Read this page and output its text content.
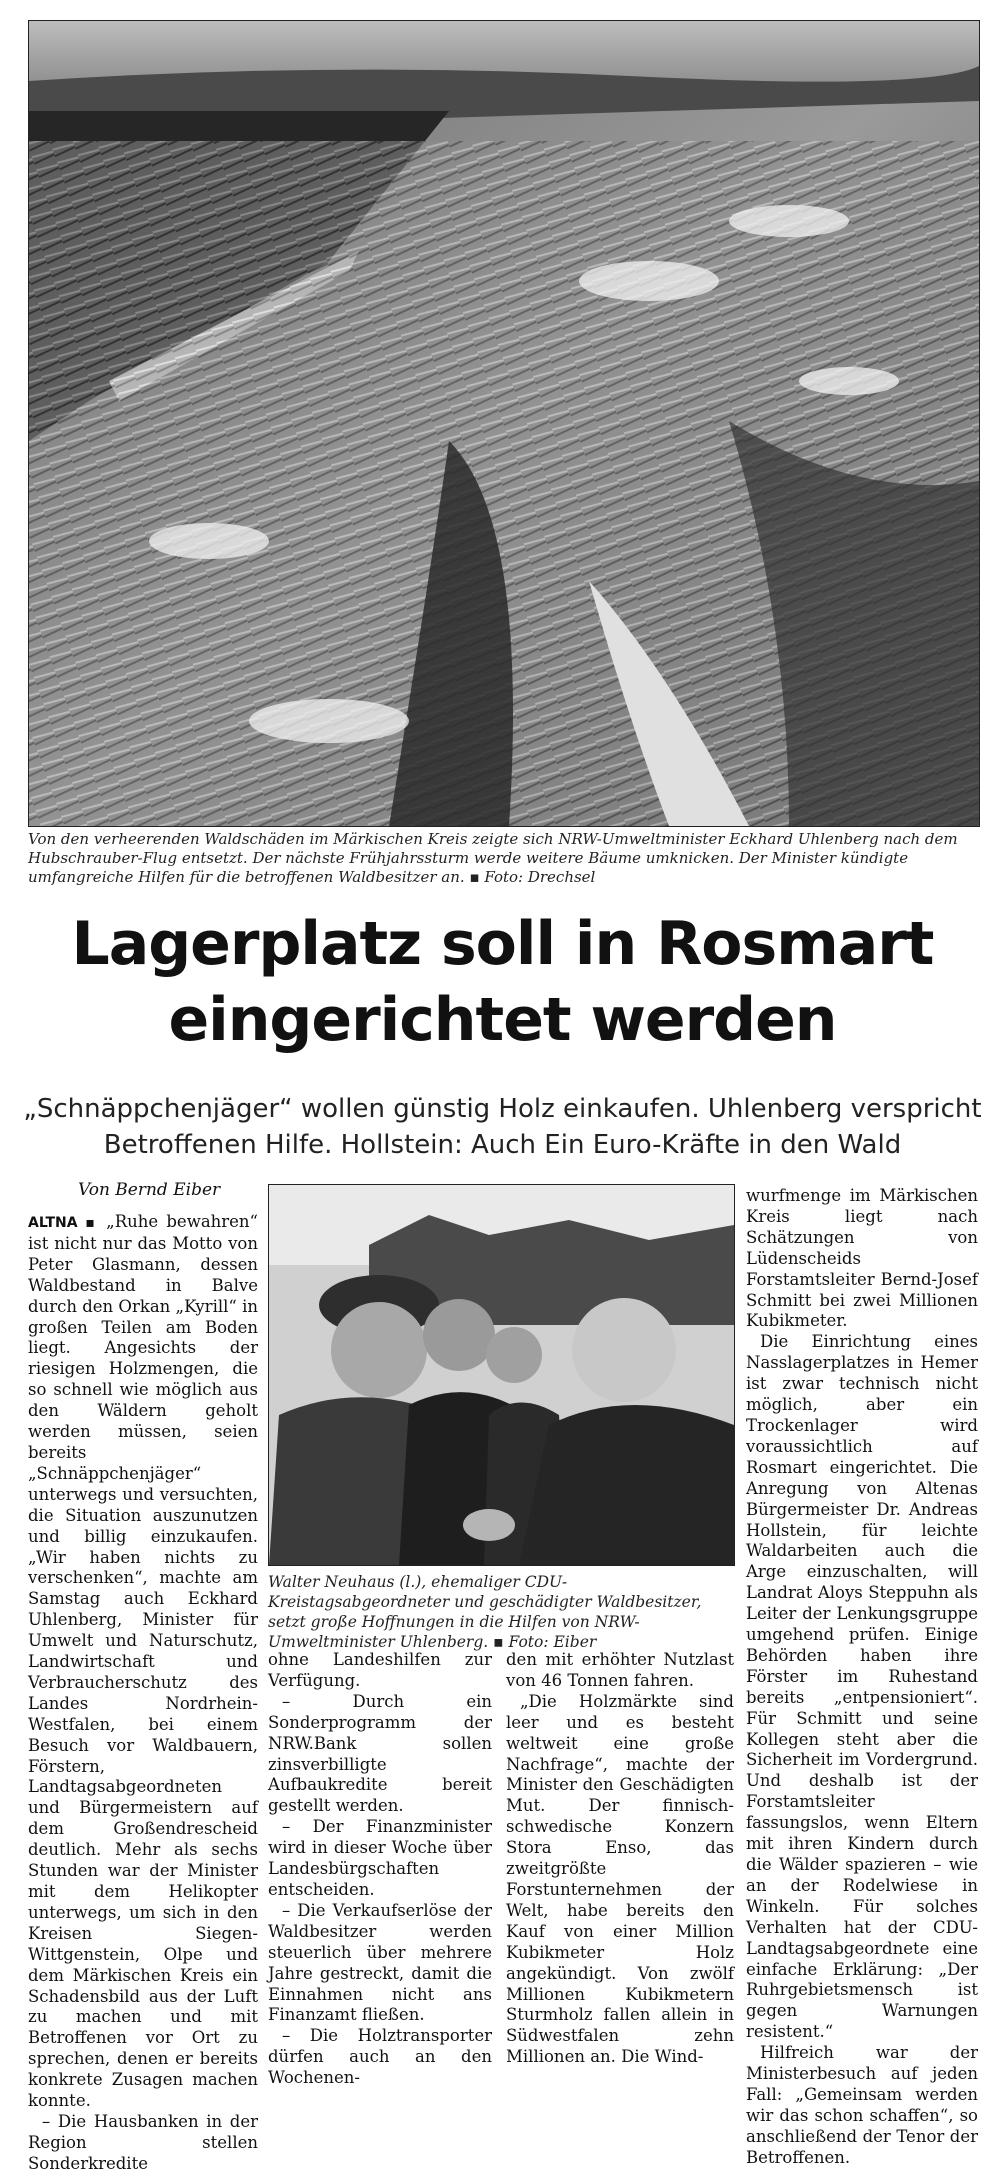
Von den verheerenden Waldschäden im Märkischen Kreis zeigte sich NRW-Umweltminister Eckhard Uhlenberg nach dem Hubschrauber-Flug entsetzt. Der nächste Frühjahrssturm werde weitere Bäume umknicken. Der Minister kündigte umfangreiche Hilfen für die betroffenen Waldbesitzer an. ▪ Foto: Drechsel
Lagerplatz soll in Rosmart
eingerichtet werden
„Schnäppchenjäger“ wollen günstig Holz einkaufen. Uhlenberg verspricht
Betroffenen Hilfe. Hollstein: Auch Ein Euro-Kräfte in den Wald
Von Bernd Eiber

ALTNA ▪ „Ruhe bewahren“ ist nicht nur das Motto von Peter Glasmann, dessen Waldbestand in Balve durch den Orkan „Kyrill“ in großen Teilen am Boden liegt. Angesichts der riesigen Holzmengen, die so schnell wie möglich aus den Wäldern geholt werden müssen, seien bereits „Schnäppchenjäger“ unterwegs und versuchten, die Situation auszunutzen und billig einzukaufen. „Wir haben nichts zu verschenken“, machte am Samstag auch Eckhard Uhlenberg, Minister für Umwelt und Naturschutz, Landwirtschaft und Verbraucherschutz des Landes Nordrhein-Westfalen, bei einem Besuch vor Waldbauern, Förstern, Landtagsabgeordneten und Bürgermeistern auf dem Großendrescheid deutlich. Mehr als sechs Stunden war der Minister mit dem Helikopter unterwegs, um sich in den Kreisen Siegen-Wittgenstein, Olpe und dem Märkischen Kreis ein Schadensbild aus der Luft zu machen und mit Betroffenen vor Ort zu sprechen, denen er bereits konkrete Zusagen machen konnte.

– Die Hausbanken in der Region stellen Sonderkredite

Walter Neuhaus (l.), ehemaliger CDU-Kreistagsabgeordneter und geschädigter Waldbesitzer, setzt große Hoffnungen in die Hilfen von NRW-Umweltminister Uhlenberg. ▪ Foto: Eiber

ohne Landeshilfen zur Verfügung.

– Durch ein Sonderprogramm der NRW.Bank sollen zinsverbilligte Aufbaukredite bereit gestellt werden.

– Der Finanzminister wird in dieser Woche über Landesbürgschaften entscheiden.

– Die Verkaufserlöse der Waldbesitzer werden steuerlich über mehrere Jahre gestreckt, damit die Einnahmen nicht ans Finanzamt fließen.

– Die Holztransporter dürfen auch an den Wochenen-

den mit erhöhter Nutzlast von 46 Tonnen fahren.

„Die Holzmärkte sind leer und es besteht weltweit eine große Nachfrage“, machte der Minister den Geschädigten Mut. Der finnisch-schwedische Konzern Stora Enso, das zweitgrößte Forstunternehmen der Welt, habe bereits den Kauf von einer Million Kubikmeter Holz angekündigt. Von zwölf Millionen Kubikmetern Sturmholz fallen allein in Südwestfalen zehn Millionen an. Die Wind-

wurfmenge im Märkischen Kreis liegt nach Schätzungen von Lüdenscheids Forstamtsleiter Bernd-Josef Schmitt bei zwei Millionen Kubikmeter.

Die Einrichtung eines Nasslagerplatzes in Hemer ist zwar technisch nicht möglich, aber ein Trockenlager wird voraussichtlich auf Rosmart eingerichtet. Die Anregung von Altenas Bürgermeister Dr. Andreas Hollstein, für leichte Waldarbeiten auch die Arge einzuschalten, will Landrat Aloys Steppuhn als Leiter der Lenkungsgruppe umgehend prüfen. Einige Behörden haben ihre Förster im Ruhestand bereits „entpensioniert“. Für Schmitt und seine Kollegen steht aber die Sicherheit im Vordergrund. Und deshalb ist der Forstamtsleiter fassungslos, wenn Eltern mit ihren Kindern durch die Wälder spazieren – wie an der Rodelwiese in Winkeln. Für solches Verhalten hat der CDU-Landtagsabgeordnete eine einfache Erklärung: „Der Ruhrgebietsmensch ist gegen Warnungen resistent.“

Hilfreich war der Ministerbesuch auf jeden Fall: „Gemeinsam werden wir das schon schaffen“, so anschließend der Tenor der Betroffenen.
